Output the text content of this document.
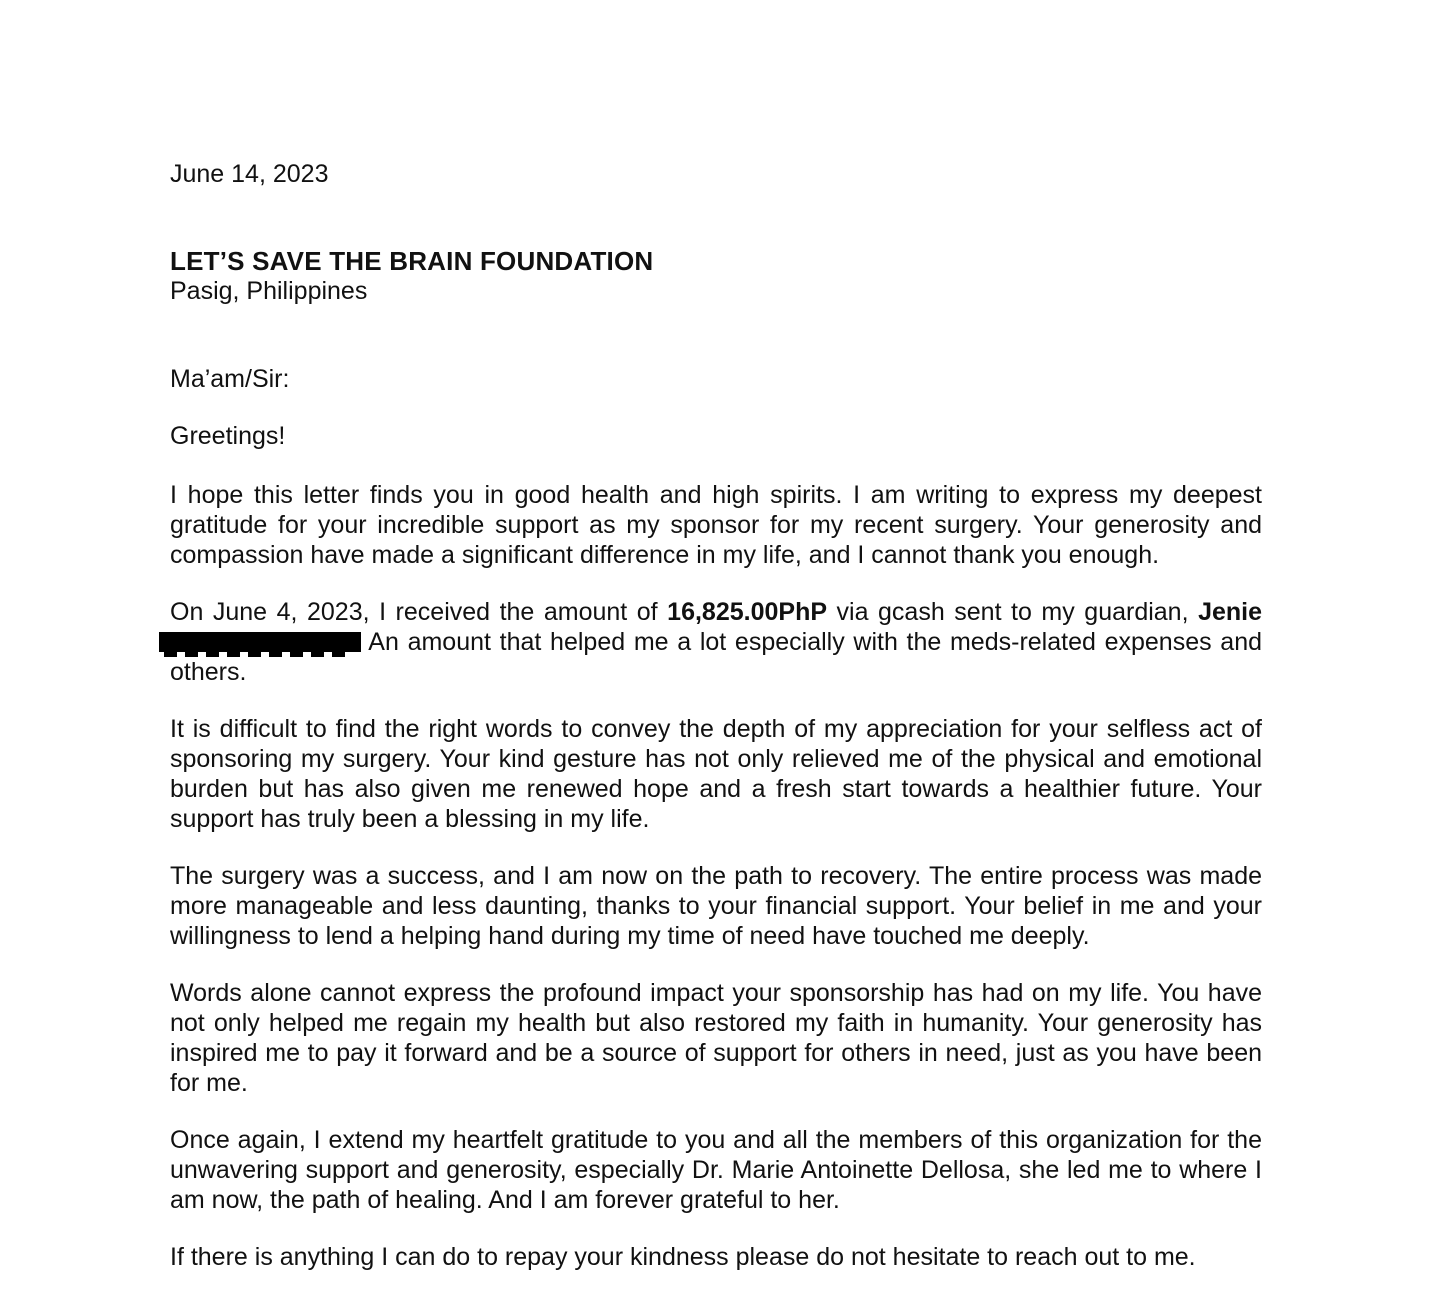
June 14, 2023

LET’S SAVE THE BRAIN FOUNDATION

Pasig, Philippines

Ma’am/Sir:

Greetings!

I hope this letter finds you in good health and high spirits. I am writing to express my deepest gratitude for your incredible support as my sponsor for my recent surgery. Your generosity and compassion have made a significant difference in my life, and I cannot thank you enough.

On June 4, 2023, I received the amount of 16,825.00PhP via gcash sent to my guardian, Jenie  An amount that helped me a lot especially with the meds-related expenses and others.

It is difficult to find the right words to convey the depth of my appreciation for your selfless act of sponsoring my surgery. Your kind gesture has not only relieved me of the physical and emotional burden but has also given me renewed hope and a fresh start towards a healthier future. Your support has truly been a blessing in my life.

The surgery was a success, and I am now on the path to recovery. The entire process was made more manageable and less daunting, thanks to your financial support. Your belief in me and your willingness to lend a helping hand during my time of need have touched me deeply.

Words alone cannot express the profound impact your sponsorship has had on my life. You have not only helped me regain my health but also restored my faith in humanity. Your generosity has inspired me to pay it forward and be a source of support for others in need, just as you have been for me.

Once again, I extend my heartfelt gratitude to you and all the members of this organization for the unwavering support and generosity, especially Dr. Marie Antoinette Dellosa, she led me to where I am now, the path of healing. And I am forever grateful to her.

If there is anything I can do to repay your kindness please do not hesitate to reach out to me.
